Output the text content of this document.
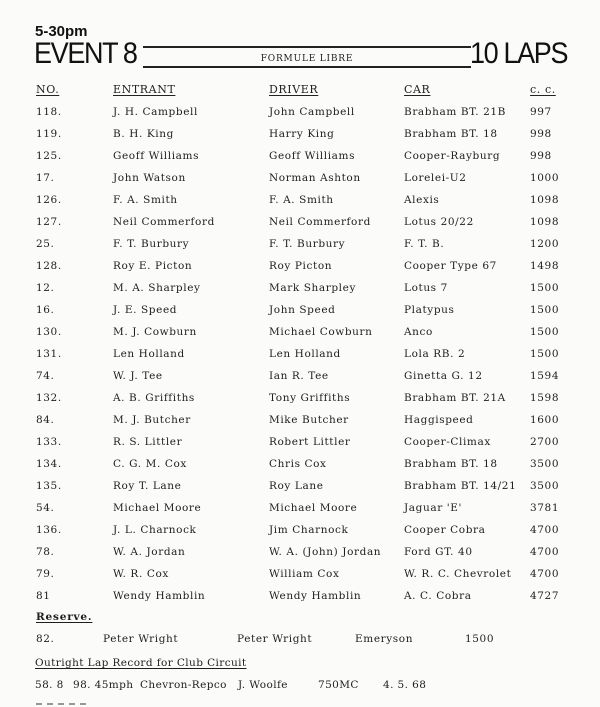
5-30pm
EVENT 8	FORMULE LIBRE	10 LAPS
NO.	ENTRANT	DRIVER	CAR	c. c.
118.	J. H. Campbell	John Campbell	Brabham BT. 21B 997
119.	B. H. King	Harry King	Brabham BT. 18	998
125.	Geoff Williams	Geoff Williams	Cooper-Rayburg	998
17.	John Watson	Norman Ashton	Lorelei-U2	1000
126.	F. A. Smith	F. A. Smith	Alexis	1098
127.	Neil Commerford	Neil Commerford	Lotus 20/22	1098
25.	F. T. Burbury	F. T. Burbury	F. T. B.	1200
128.	Roy E. Picton	Roy Picton	Cooper Type 67	1498
12.	M. A. Sharpley	Mark Sharpley	Lotus 7	1500
16.	J. E. Speed	John Speed	Platypus	1500
130.	M. J. Cowburn	Michael Cowburn	Anco	1500
131.	Len Holland	Len Holland	Lola RB. 2	1500
74.	W. J. Tee	Ian R. Tee	Ginetta G. 12	1594
132.	A. B. Griffiths	Tony Griffiths	Brabham BT. 21A 1598
84.	M. J. Butcher	Mike Butcher	Haggispeed	1600
133.	R. S. Littler	Robert Littler	Cooper-Climax	2700
134.	C. G. M. Cox	Chris Cox	Brabham BT. 18	3500
135.	Roy T. Lane	Roy Lane	Brabham BT. 14/21 3500
54.	Michael Moore	Michael Moore	Jaguar 'E'	3781
136.	J. L. Charnock	Jim Charnock	Cooper Cobra	4700
78.	W. A. Jordan	W. A. (John) Jordan Ford GT. 40	4700
79.	W. R. Cox	William Cox	W. R. C. Chevrolet 4700
81	Wendy Hamblin	Wendy Hamblin	A. C. Cobra	4727
Reserve.
82.	Peter Wright	Peter Wright	Emeryson	1500
Outright Lap Record for Club Circuit
58. 8 98. 45mph Chevron-Repco J. Woolfe	750MC 4. 5. 68
